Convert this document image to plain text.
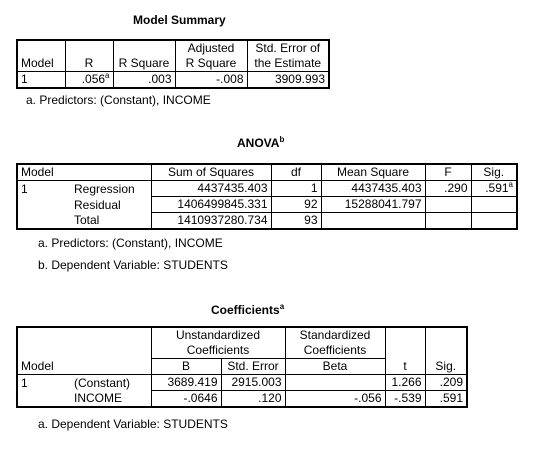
Model Summary
			Adjusted	Std. Error of
Model	R	R Square	R Square	the Estimate
1	.056$^a$	.003	-.008	3909.993
a. Predictors: (Constant), INCOME
ANOVA$^b$
Model		Sum of Squares	df	Mean Square	F	Sig.
1	Regression	4437435.403	1	4437435.403	.290	.591$^a$
	Residual	1406499845.331	92	15288041.797		
	Total	1410937280.734	93			
a. Predictors: (Constant), INCOME
b. Dependent Variable: STUDENTS
Coefficients$^a$
		Unstandardized		Standardized		
		Coefficients		Coefficients		
Model		B	Std. Error	Beta	t	Sig.
1	(Constant)	3689.419	2915.003		1.266	.209
	INCOME	-.0646	.120	-.056	-.539	.591
a. Dependent Variable: STUDENTS
